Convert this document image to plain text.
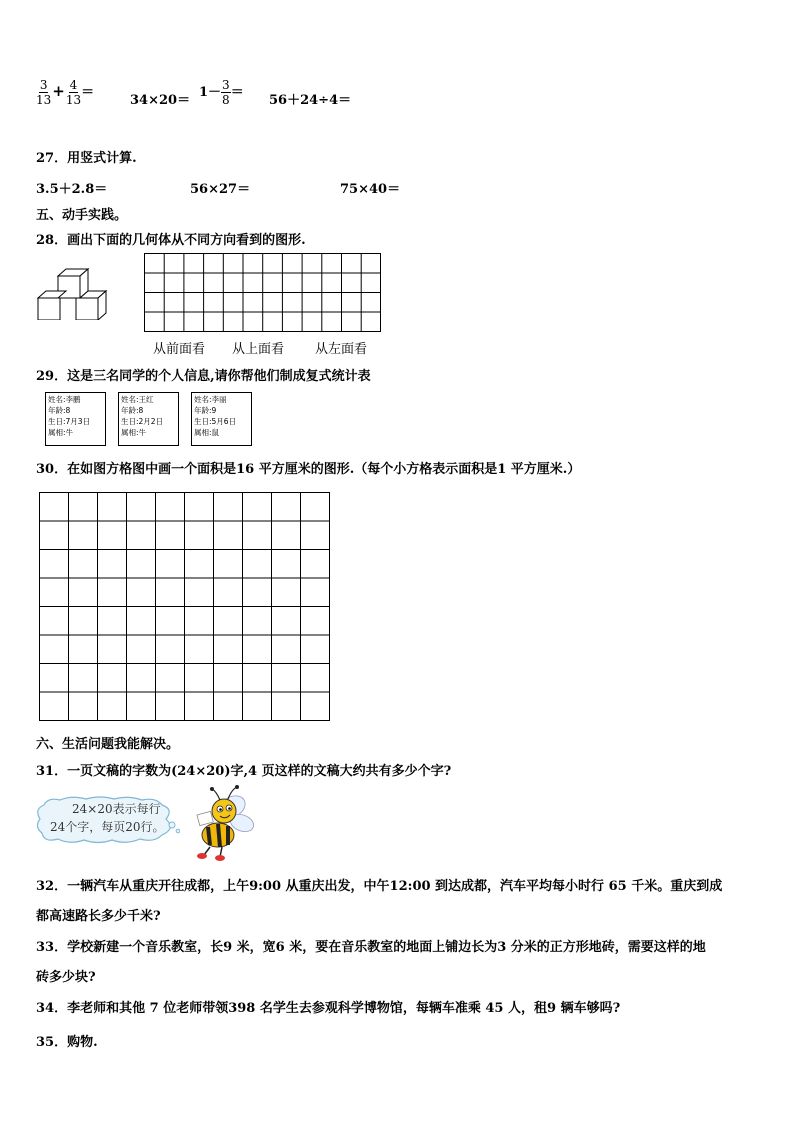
$\frac{3}{13} + \frac{4}{13}$ ＝
34×20＝
$1- \frac{3}{8}$ ＝
56＋24÷4＝
27．用竖式计算.
3.5＋2.8＝	56×27＝	75×40＝
五、动手实践。
28．画出下面的几何体从不同方向看到的图形.
从前面看 从上面看 从左面看
29．这是三名同学的个人信息,请你帮他们制成复式统计表
姓名:李鹏
年龄:8
生日:7月3日
属相:牛
姓名:王红
年龄:8
生日:2月2日
属相:牛
姓名:李丽
年龄:9
生日:5月6日
属相:鼠
30．在如图方格图中画一个面积是16 平方厘米的图形.（每个小方格表示面积是1 平方厘米.）
六、生活问题我能解决。
31．一页文稿的字数为(24×20)字,4 页这样的文稿大约共有多少个字?
24×20表示每行
24个字，每页20行。
32．一辆汽车从重庆开往成都，上午9:00 从重庆出发，中午12:00 到达成都，汽车平均每小时行 65 千米。重庆到成
都高速路长多少千米?
33．学校新建一个音乐教室，长9 米，宽6 米，要在音乐教室的地面上铺边长为3 分米的正方形地砖，需要这样的地
砖多少块?
34．李老师和其他 7 位老师带领398 名学生去参观科学博物馆，每辆车准乘 45 人，租9 辆车够吗?
35．购物.
